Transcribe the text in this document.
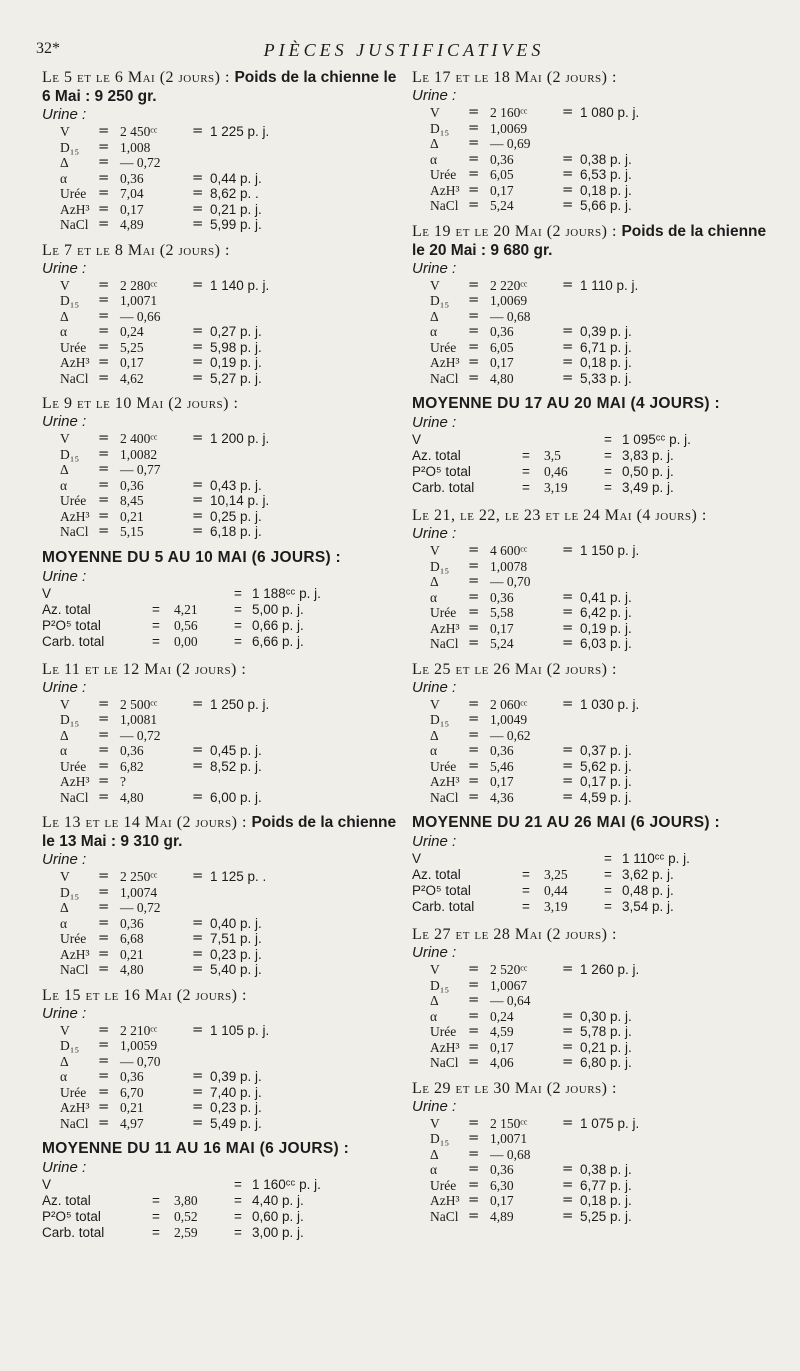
32*	PIÈCES JUSTIFICATIVES
Le 5 et le 6 Mai (2 jours) : Poids de la chienne le 6 Mai : 9 250 gr.
Urine :
V	= 2 450ᶜᶜ	= 1 225 p. j.
D₁₅	= 1,008
Δ	= — 0,72
α	= 0,36	= 0,44 p. j.
Urée = 7,04	= 8,62 p. .
AzH³ = 0,17	= 0,21 p. j.
NaCl = 4,89	= 5,99 p. j.
Le 7 et le 8 Mai (2 jours) :
Urine :
V	= 2 280ᶜᶜ	= 1 140 p. j.
D₁₅	= 1,0071
Δ	= — 0,66
α	= 0,24	= 0,27 p. j.
Urée = 5,25	= 5,98 p. j.
AzH³ = 0,17	= 0,19 p. j.
NaCl = 4,62	= 5,27 p. j.
Le 9 et le 10 Mai (2 jours) :
Urine :
V	= 2 400ᶜᶜ	= 1 200 p. j.
D₁₅	= 1,0082
Δ	= — 0,77
α	= 0,36	= 0,43 p. j.
Urée = 8,45	= 10,14 p. j.
AzH³ = 0,21	= 0,25 p. j.
NaCl = 5,15	= 6,18 p. j.
MOYENNE DU 5 AU 10 MAI (6 JOURS) :
Urine :
V	= 1 188ᶜᶜ p. j.
Az. total	=	4,21	= 5,00 p. j.
P²O⁵ total	=	0,56	= 0,66 p. j.
Carb. total	=	0,00	= 6,66 p. j.
Le 11 et le 12 Mai (2 jours) :
Urine :
V	= 2 500ᶜᶜ	= 1 250 p. j.
D₁₅	= 1,0081
Δ	= — 0,72
α	= 0,36	= 0,45 p. j.
Urée = 6,82	= 8,52 p. j.
AzH³ = ?
NaCl = 4,80	= 6,00 p. j.
Le 13 et le 14 Mai (2 jours) : Poids de la chienne le 13 Mai : 9 310 gr.
Urine :
V	= 2 250ᶜᶜ	= 1 125 p. .
D₁₅	= 1,0074
Δ	= — 0,72
α	= 0,36	= 0,40 p. j.
Urée = 6,68	= 7,51 p. j.
AzH³ = 0,21	= 0,23 p. j.
NaCl = 4,80	= 5,40 p. j.
Le 15 et le 16 Mai (2 jours) :
Urine :
V	= 2 210ᶜᶜ	= 1 105 p. j.
D₁₅	= 1,0059
Δ	= — 0,70
α	= 0,36	= 0,39 p. j.
Urée = 6,70	= 7,40 p. j.
AzH³ = 0,21	= 0,23 p. j.
NaCl = 4,97	= 5,49 p. j.
MOYENNE DU 11 AU 16 MAI (6 JOURS) :
Urine :
V	= 1 160ᶜᶜ p. j.
Az. total	=	3,80	= 4,40 p. j.
P²O⁵ total	=	0,52	= 0,60 p. j.
Carb. total	=	2,59	= 3,00 p. j.
Le 17 et le 18 Mai (2 jours) :
Urine :
V	= 2 160ᶜᶜ	= 1 080 p. j.
D₁₅	= 1,0069
Δ	= — 0,69
α	= 0,36	= 0,38 p. j.
Urée = 6,05	= 6,53 p. j.
AzH³ = 0,17	= 0,18 p. j.
NaCl = 5,24	= 5,66 p. j.
Le 19 et le 20 Mai (2 jours) : Poids de la chienne le 20 Mai : 9 680 gr.
Urine :
V	= 2 220ᶜᶜ	= 1 110 p. j.
D₁₅	= 1,0069
Δ	= — 0,68
α	= 0,36	= 0,39 p. j.
Urée = 6,05	= 6,71 p. j.
AzH³ = 0,17	= 0,18 p. j.
NaCl = 4,80	= 5,33 p. j.
MOYENNE DU 17 AU 20 MAI (4 JOURS) :
Urine :
V	= 1 095ᶜᶜ p. j.
Az. total	=	3,5	= 3,83 p. j.
P²O⁵ total	=	0,46	= 0,50 p. j.
Carb. total	=	3,19	= 3,49 p. j.
Le 21, le 22, le 23 et le 24 Mai (4 jours) :
Urine :
V	= 4 600ᶜᶜ	= 1 150 p. j.
D₁₅	= 1,0078
Δ	= — 0,70
α	= 0,36	= 0,41 p. j.
Urée = 5,58	= 6,42 p. j.
AzH³ = 0,17	= 0,19 p. j.
NaCl = 5,24	= 6,03 p. j.
Le 25 et le 26 Mai (2 jours) :
Urine :
V	= 2 060ᶜᶜ	= 1 030 p. j.
D₁₅	= 1,0049
Δ	= — 0,62
α	= 0,36	= 0,37 p. j.
Urée = 5,46	= 5,62 p. j.
AzH³ = 0,17	= 0,17 p. j.
NaCl = 4,36	= 4,59 p. j.
MOYENNE DU 21 AU 26 MAI (6 JOURS) :
Urine :
V	= 1 110ᶜᶜ p. j.
Az. total	=	3,25	= 3,62 p. j.
P²O⁵ total	=	0,44	= 0,48 p. j.
Carb. total	=	3,19	= 3,54 p. j.
Le 27 et le 28 Mai (2 jours) :
Urine :
V	= 2 520ᶜᶜ	= 1 260 p. j.
D₁₅	= 1,0067
Δ	= — 0,64
α	= 0,24	= 0,30 p. j.
Urée = 4,59	= 5,78 p. j.
AzH³ = 0,17	= 0,21 p. j.
NaCl = 4,06	= 6,80 p. j.
Le 29 et le 30 Mai (2 jours) :
Urine :
V	= 2 150ᶜᶜ	= 1 075 p. j.
D₁₅	= 1,0071
Δ	= — 0,68
α	= 0,36	= 0,38 p. j.
Urée = 6,30	= 6,77 p. j.
AzH³ = 0,17	= 0,18 p. j.
NaCl = 4,89	= 5,25 p. j.
